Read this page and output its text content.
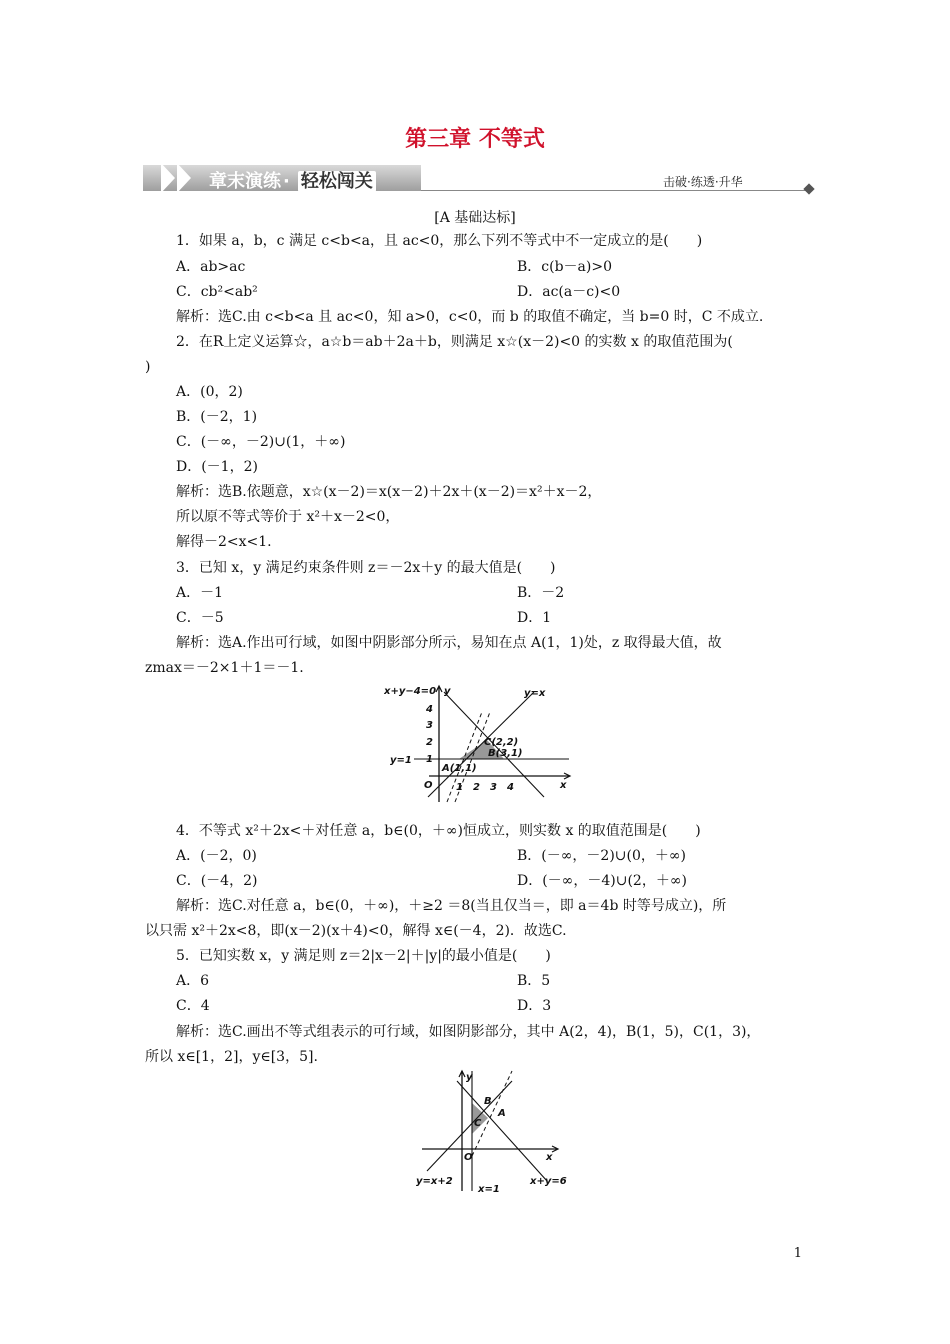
第三章 不等式
章末演练 · 轻松闯关	击破·练透·升华
[A 基础达标]
1．如果 a，b，c 满足 c<b<a，且 ac<0，那么下列不等式中不一定成立的是(　　)
A．ab>ac	B．c(b－a)>0
C．cb²<ab²	D．ac(a－c)<0
解析：选C.由 c<b<a 且 ac<0，知 a>0，c<0，而 b 的取值不确定，当 b=0 时，C 不成立.
2．在R上定义运算☆，a☆b＝ab＋2a＋b，则满足 x☆(x－2)<0 的实数 x 的取值范围为(
)
A．(0，2)
B．(－2，1)
C．(－∞，－2)∪(1，＋∞)
D．(－1，2)
解析：选B.依题意，x☆(x－2)＝x(x－2)＋2x＋(x－2)＝x²＋x－2，
所以原不等式等价于 x²＋x－2<0，
解得－2<x<1.
3．已知 x，y 满足约束条件则 z＝－2x＋y 的最大值是(　　)
A．－1	B．－2
C．－5	D．1
解析：选A.作出可行域，如图中阴影部分所示，易知在点 A(1，1)处，z 取得最大值，故
zmax＝－2×1＋1＝－1.
x+y−4=0 y	y=x
4
3
2
1
y=1
C(2,2)
B(3,1)
A(1,1)
O 1 2 3 4	x
4．不等式 x²＋2x<＋对任意 a，b∈(0，＋∞)恒成立，则实数 x 的取值范围是(　　)
A．(－2，0)	B．(－∞，－2)∪(0，＋∞)
C．(－4，2)	D．(－∞，－4)∪(2，＋∞)
解析：选C.对任意 a，b∈(0，＋∞)，＋≥2 ＝8(当且仅当＝，即 a＝4b 时等号成立)，所
以只需 x²＋2x<8，即(x－2)(x＋4)<0，解得 x∈(－4，2)．故选C.
5．已知实数 x，y 满足则 z＝2|x－2|＋|y|的最小值是(　　)
A．6	B．5
C．4	D．3
解析：选C.画出不等式组表示的可行域，如图阴影部分，其中 A(2，4)，B(1，5)，C(1，3)，
所以 x∈[1，2]，y∈[3，5].
y
B
A
C
O	x
y=x+2
x=1
x+y=6
1
